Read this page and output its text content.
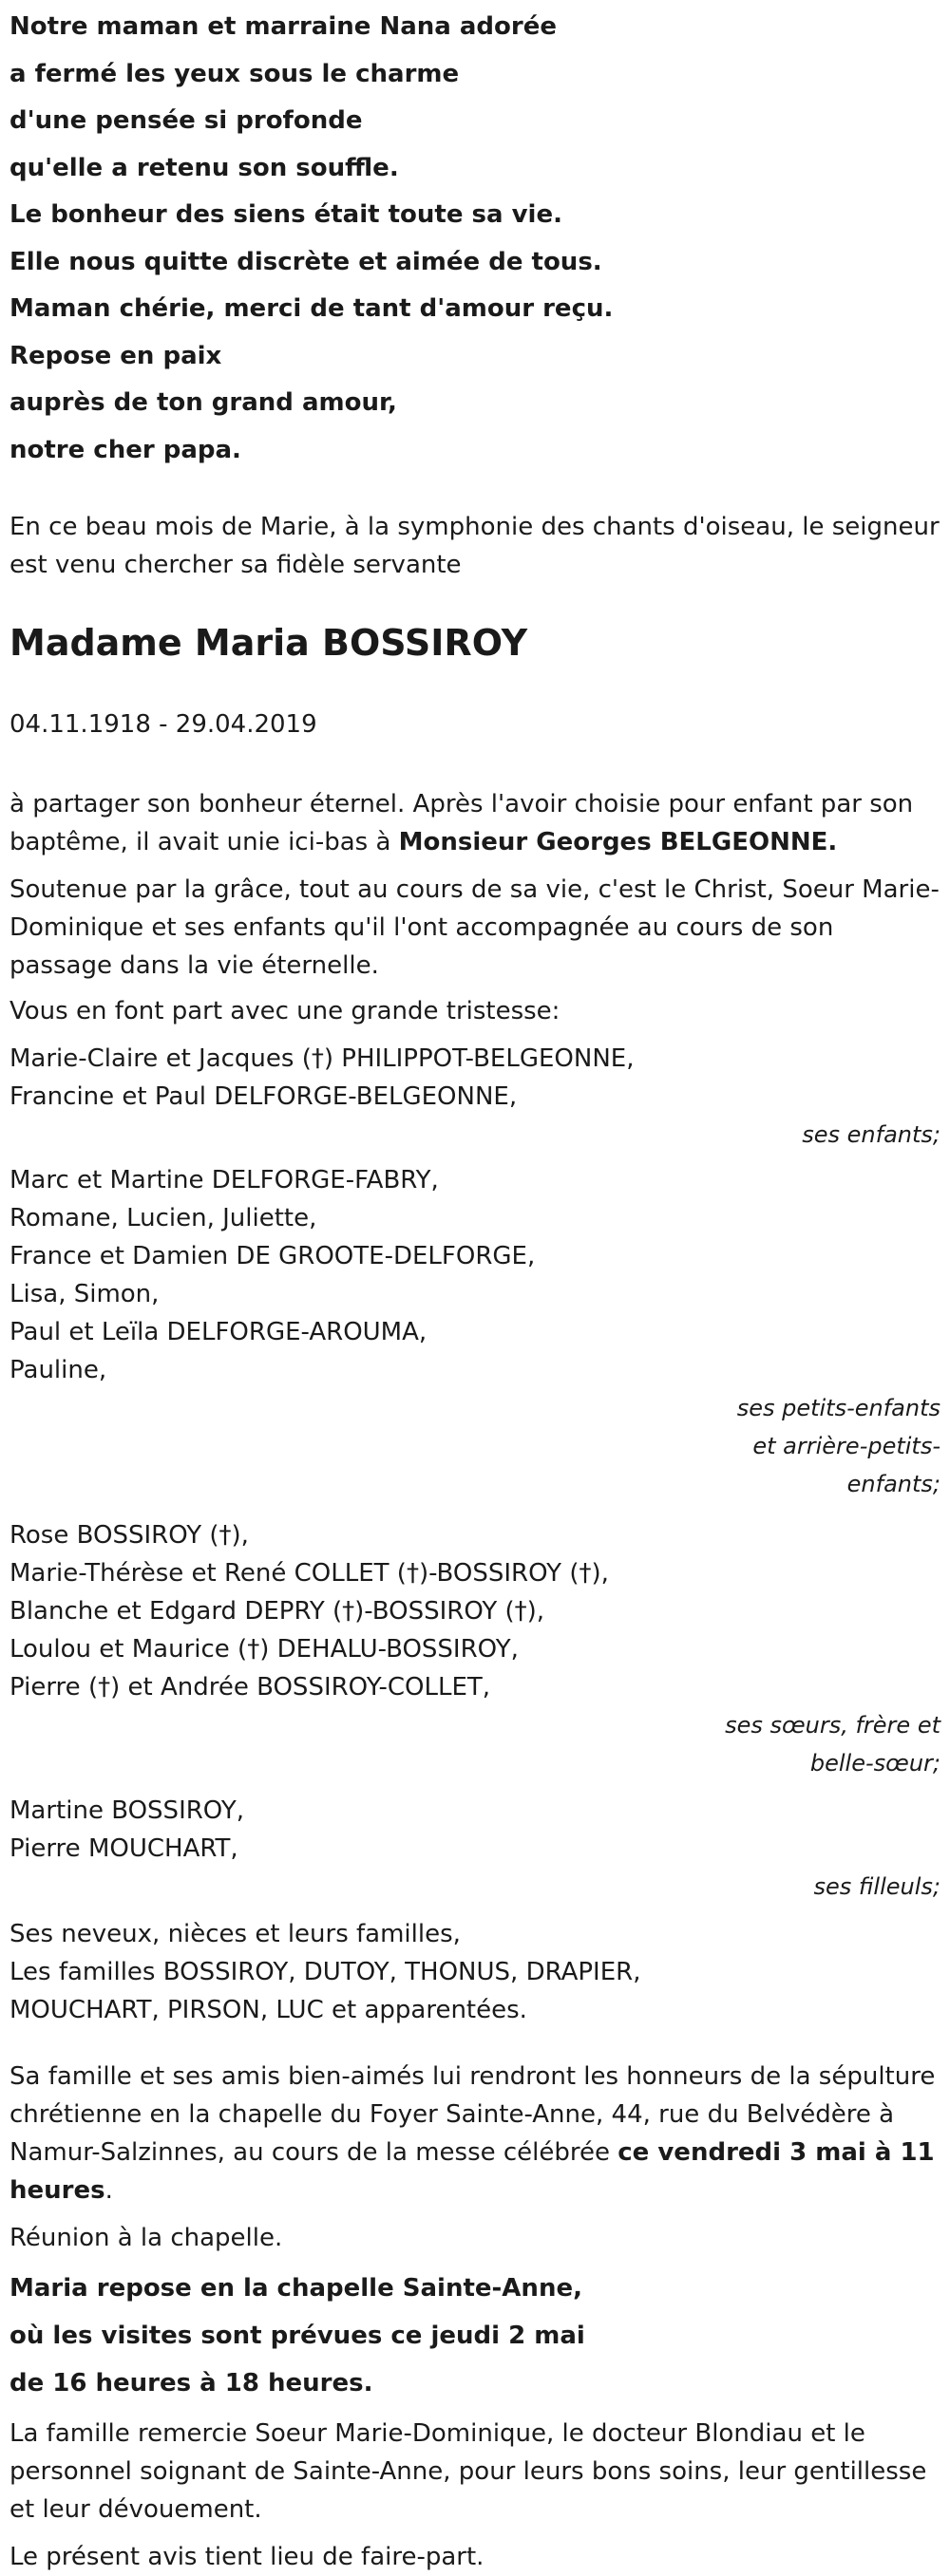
Notre maman et marraine Nana adorée

a fermé les yeux sous le charme

d'une pensée si profonde

qu'elle a retenu son souffle.

Le bonheur des siens était toute sa vie.

Elle nous quitte discrète et aimée de tous.

Maman chérie, merci de tant d'amour reçu.

Repose en paix

auprès de ton grand amour,

notre cher papa.

En ce beau mois de Marie, à la symphonie des chants d'oiseau, le seigneur est venu chercher sa fidèle servante

Madame Maria BOSSIROY

04.11.1918 - 29.04.2019

à partager son bonheur éternel. Après l'avoir choisie pour enfant par son baptême, il avait unie ici-bas à Monsieur Georges BELGEONNE.

Soutenue par la grâce, tout au cours de sa vie, c'est le Christ, Soeur Marie-Dominique et ses enfants qu'il l'ont accompagnée au cours de son passage dans la vie éternelle.

Vous en font part avec une grande tristesse:

Marie-Claire et Jacques (†) PHILIPPOT-BELGEONNE,

Francine et Paul DELFORGE-BELGEONNE,

ses enfants;

Marc et Martine DELFORGE-FABRY,

Romane, Lucien, Juliette,

France et Damien DE GROOTE-DELFORGE,

Lisa, Simon,

Paul et Leïla DELFORGE-AROUMA,

Pauline,

ses petits-enfants

et arrière-petits-

enfants;

Rose BOSSIROY (†),

Marie-Thérèse et René COLLET (†)-BOSSIROY (†),

Blanche et Edgard DEPRY (†)-BOSSIROY (†),

Loulou et Maurice (†) DEHALU-BOSSIROY,

Pierre (†) et Andrée BOSSIROY-COLLET,

ses sœurs, frère et

belle-sœur;

Martine BOSSIROY,

Pierre MOUCHART,

ses filleuls;

Ses neveux, nièces et leurs familles,

Les familles BOSSIROY, DUTOY, THONUS, DRAPIER,

MOUCHART, PIRSON, LUC et apparentées.

Sa famille et ses amis bien-aimés lui rendront les honneurs de la sépulture chrétienne en la chapelle du Foyer Sainte-Anne, 44, rue du Belvédère à Namur-Salzinnes, au cours de la messe célébrée ce vendredi 3 mai à 11 heures.

Réunion à la chapelle.

Maria repose en la chapelle Sainte-Anne,

où les visites sont prévues ce jeudi 2 mai

de 16 heures à 18 heures.

La famille remercie Soeur Marie-Dominique, le docteur Blondiau et le personnel soignant de Sainte-Anne, pour leurs bons soins, leur gentillesse et leur dévouement.

Le présent avis tient lieu de faire-part.
